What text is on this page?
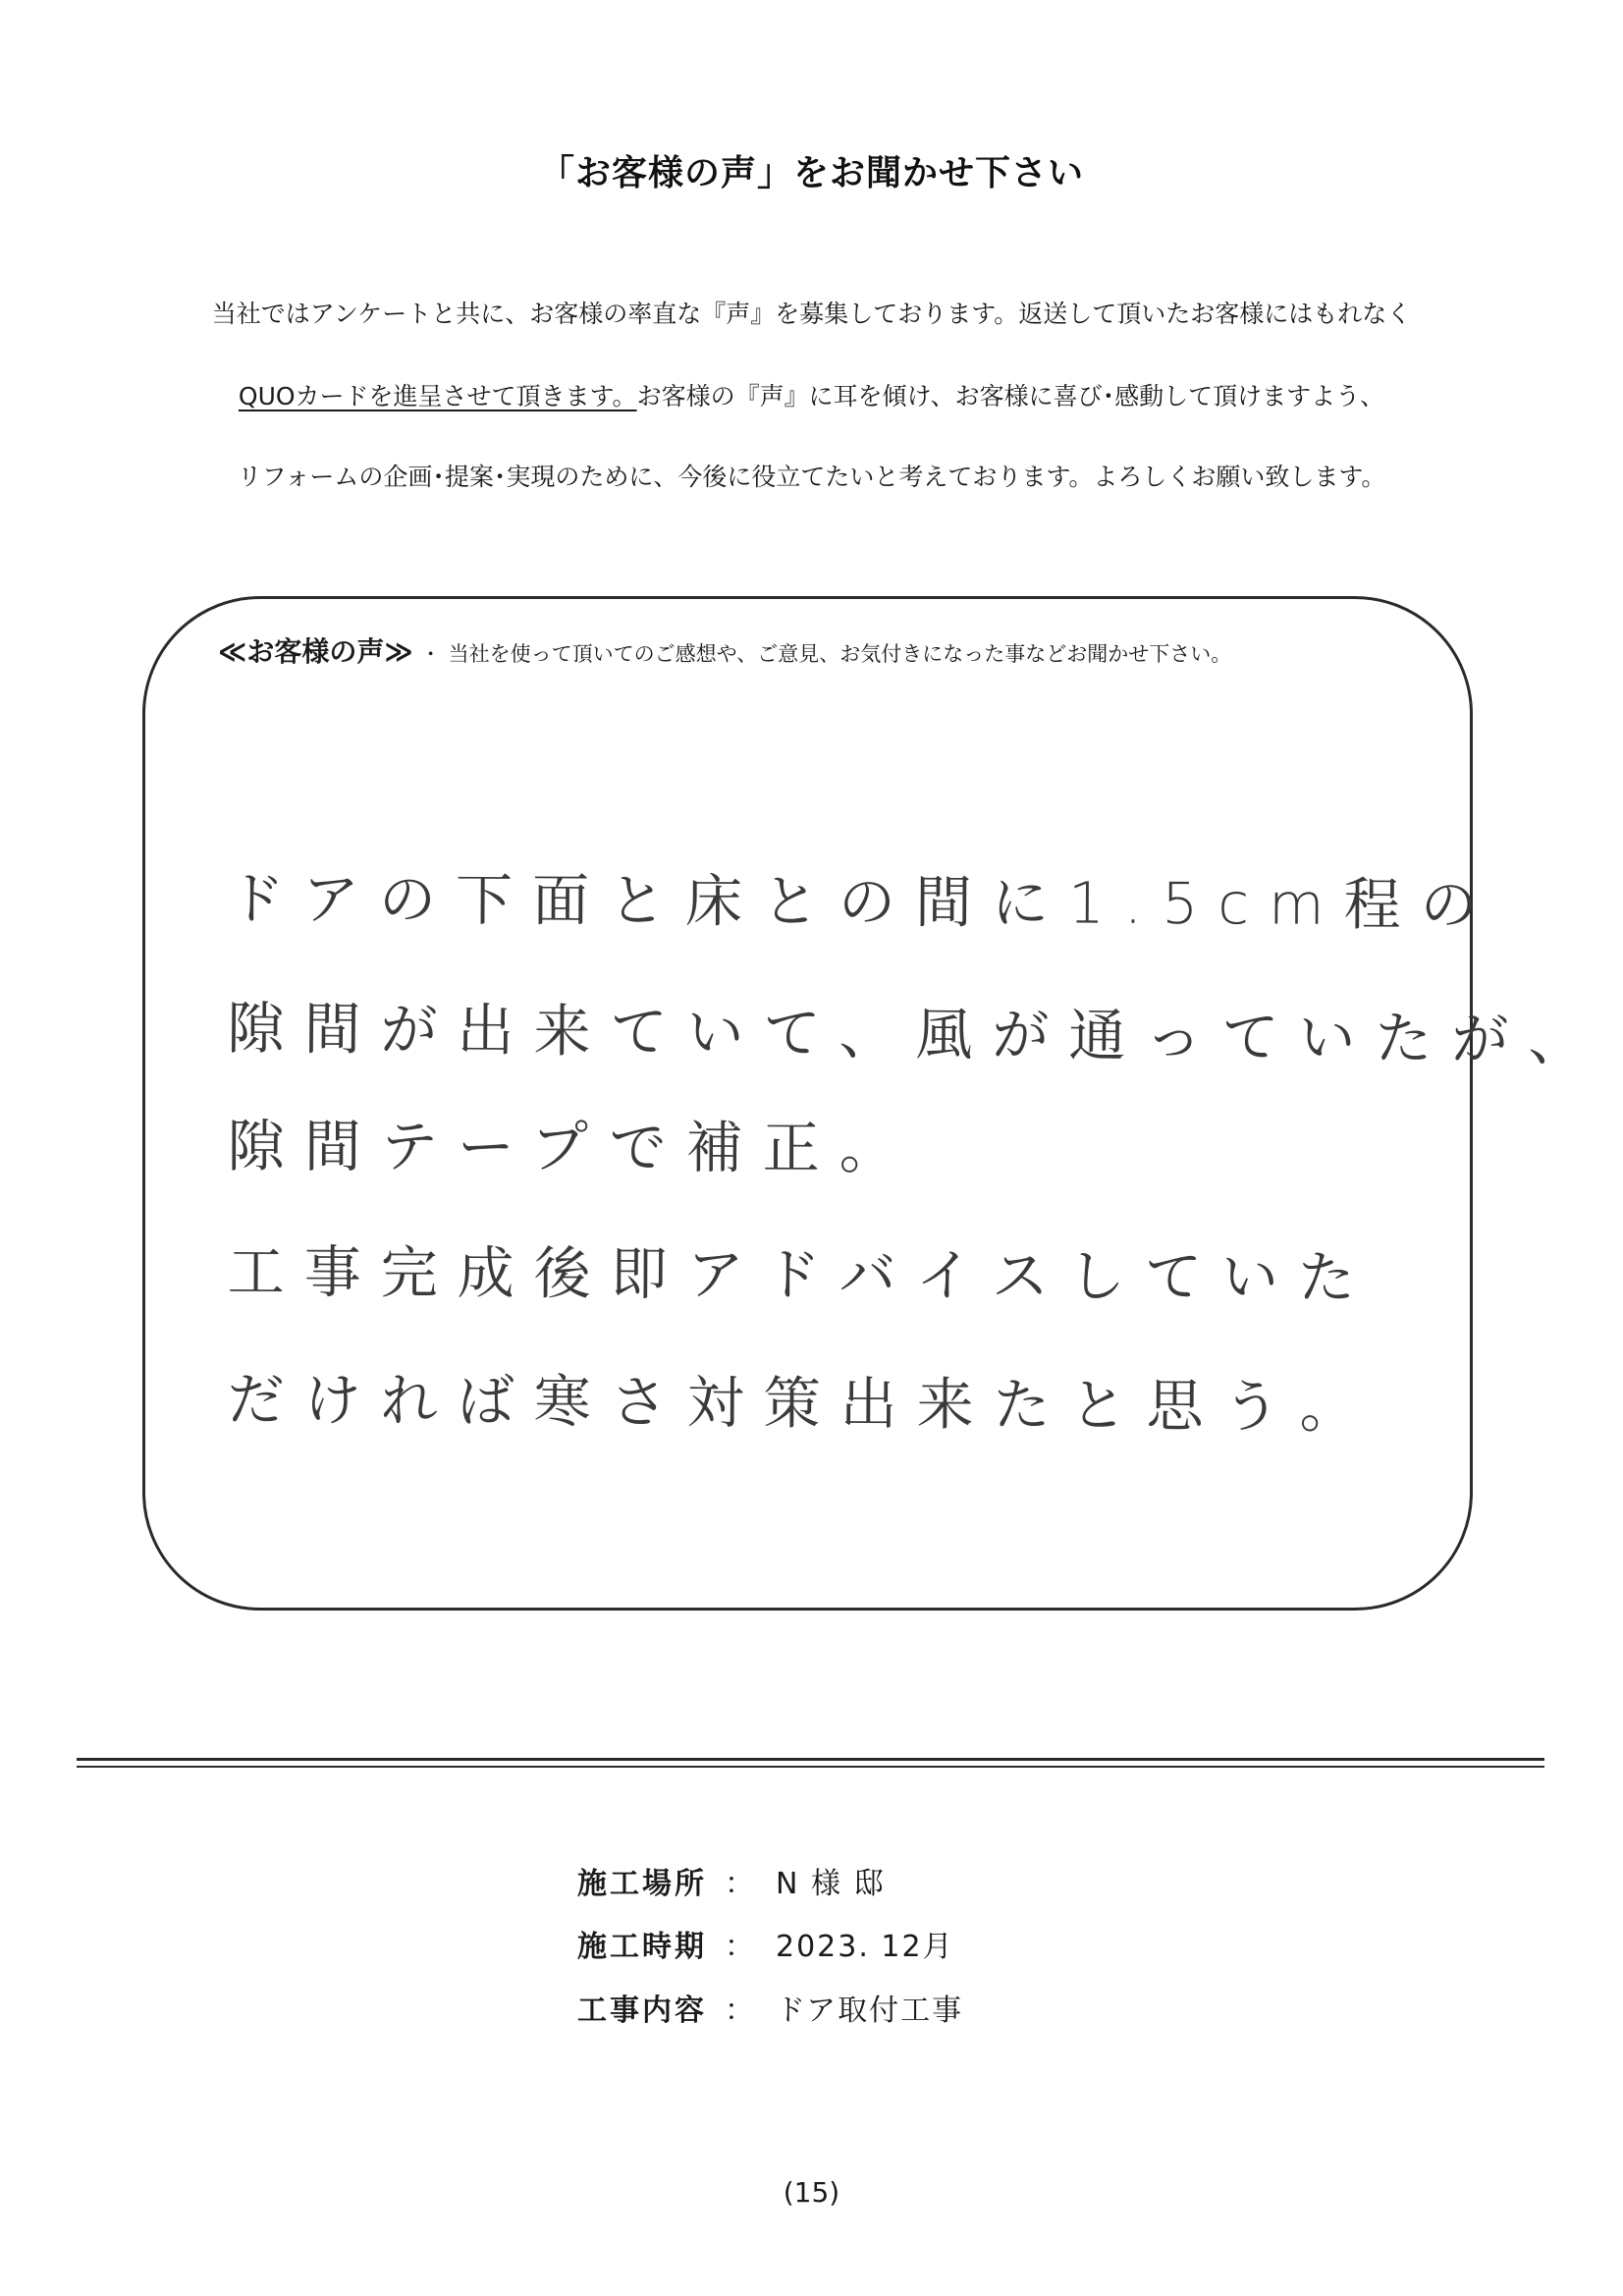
「お客様の声」をお聞かせ下さい
当社ではアンケートと共に、お客様の率直な『声』を募集しております。返送して頂いたお客様にはもれなく
QUOカードを進呈させて頂きます。お客様の『声』に耳を傾け、お客様に喜び･感動して頂けますよう、
リフォームの企画･提案･実現のために、今後に役立てたいと考えております。よろしくお願い致します。
≪お客様の声≫ ・ 当社を使って頂いてのご感想や、ご意見、お気付きになった事などお聞かせ下さい。
ドアの下面と床との間に1.5cm程の
隙間が出来ていて、風が通っていたが、
隙間テープで補正。
工事完成後即アドバイスしていた
だければ寒さ対策出来たと思う。
施工場所 ： N 様 邸
施工時期 ： 2023. 12月
工事内容 ： ドア取付工事
(15)
